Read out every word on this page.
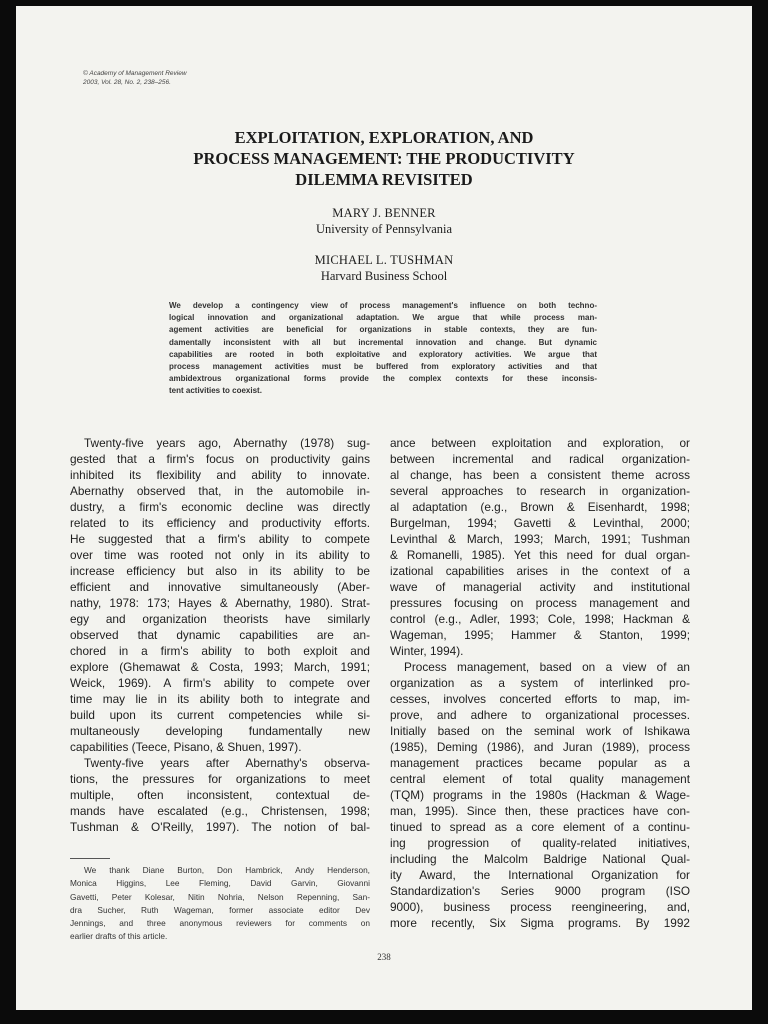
© Academy of Management Review
2003, Vol. 28, No. 2, 238–256.
EXPLOITATION, EXPLORATION, AND
PROCESS MANAGEMENT: THE PRODUCTIVITY
DILEMMA REVISITED
MARY J. BENNER
University of Pennsylvania
MICHAEL L. TUSHMAN
Harvard Business School
We develop a contingency view of process management's influence on both techno-
logical innovation and organizational adaptation. We argue that while process man-
agement activities are beneficial for organizations in stable contexts, they are fun-
damentally inconsistent with all but incremental innovation and change. But dynamic
capabilities are rooted in both exploitative and exploratory activities. We argue that
process management activities must be buffered from exploratory activities and that
ambidextrous organizational forms provide the complex contexts for these inconsis-
tent activities to coexist.
Twenty-five years ago, Abernathy (1978) sug-
gested that a firm's focus on productivity gains
inhibited its flexibility and ability to innovate.
Abernathy observed that, in the automobile in-
dustry, a firm's economic decline was directly
related to its efficiency and productivity efforts.
He suggested that a firm's ability to compete
over time was rooted not only in its ability to
increase efficiency but also in its ability to be
efficient and innovative simultaneously (Aber-
nathy, 1978: 173; Hayes & Abernathy, 1980). Strat-
egy and organization theorists have similarly
observed that dynamic capabilities are an-
chored in a firm's ability to both exploit and
explore (Ghemawat & Costa, 1993; March, 1991;
Weick, 1969). A firm's ability to compete over
time may lie in its ability both to integrate and
build upon its current competencies while si-
multaneously developing fundamentally new
capabilities (Teece, Pisano, & Shuen, 1997).
Twenty-five years after Abernathy's observa-
tions, the pressures for organizations to meet
multiple, often inconsistent, contextual de-
mands have escalated (e.g., Christensen, 1998;
Tushman & O'Reilly, 1997). The notion of bal-
ance between exploitation and exploration, or
between incremental and radical organization-
al change, has been a consistent theme across
several approaches to research in organization-
al adaptation (e.g., Brown & Eisenhardt, 1998;
Burgelman, 1994; Gavetti & Levinthal, 2000;
Levinthal & March, 1993; March, 1991; Tushman
& Romanelli, 1985). Yet this need for dual organ-
izational capabilities arises in the context of a
wave of managerial activity and institutional
pressures focusing on process management and
control (e.g., Adler, 1993; Cole, 1998; Hackman &
Wageman, 1995; Hammer & Stanton, 1999;
Winter, 1994).
Process management, based on a view of an
organization as a system of interlinked pro-
cesses, involves concerted efforts to map, im-
prove, and adhere to organizational processes.
Initially based on the seminal work of Ishikawa
(1985), Deming (1986), and Juran (1989), process
management practices became popular as a
central element of total quality management
(TQM) programs in the 1980s (Hackman & Wage-
man, 1995). Since then, these practices have con-
tinued to spread as a core element of a continu-
ing progression of quality-related initiatives,
including the Malcolm Baldrige National Qual-
ity Award, the International Organization for
Standardization's Series 9000 program (ISO
9000), business process reengineering, and,
more recently, Six Sigma programs. By 1992
We thank Diane Burton, Don Hambrick, Andy Henderson,
Monica Higgins, Lee Fleming, David Garvin, Giovanni
Gavetti, Peter Kolesar, Nitin Nohria, Nelson Repenning, San-
dra Sucher, Ruth Wageman, former associate editor Dev
Jennings, and three anonymous reviewers for comments on
earlier drafts of this article.
238
